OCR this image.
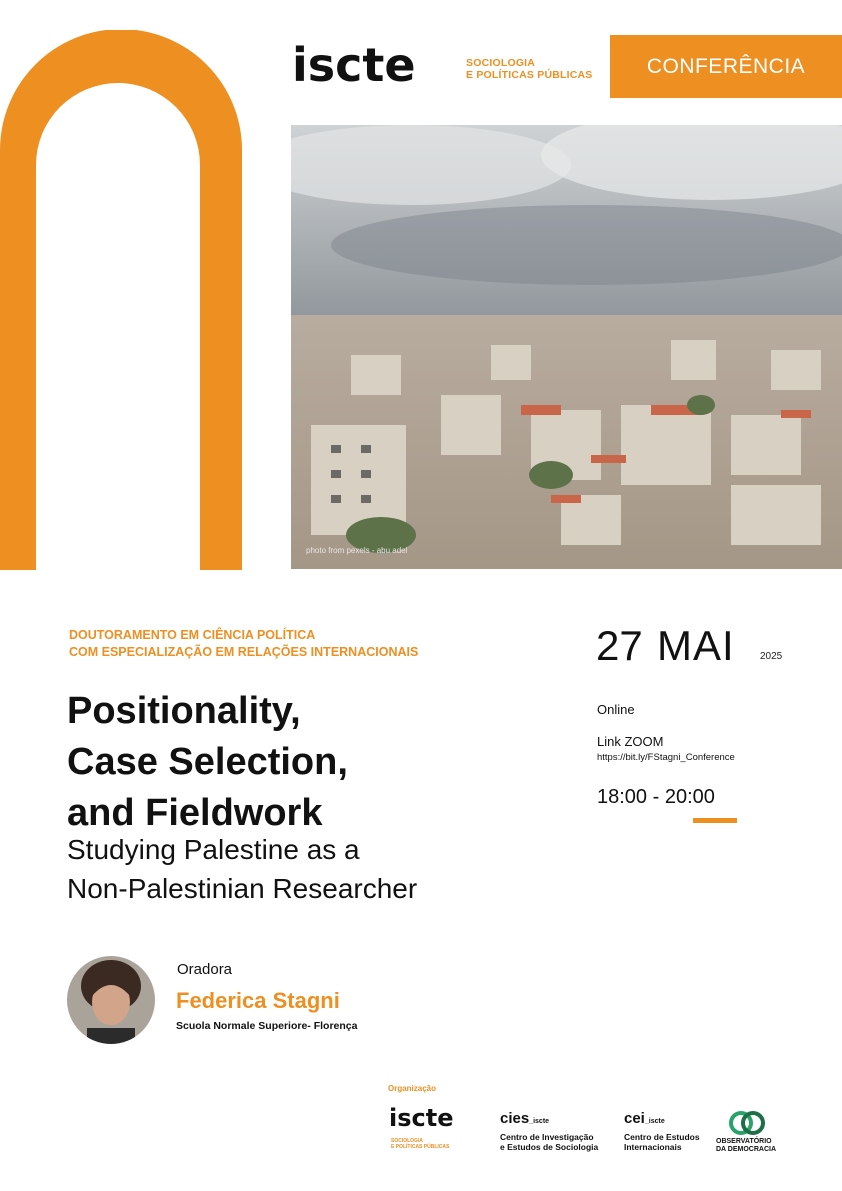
iscte	SOCIOLOGIA
E POLÍTICAS PÚBLICAS	CONFERÊNCIA
photo from pexels - abu adel
DOUTORAMENTO EM CIÊNCIA POLÍTICA
COM ESPECIALIZAÇÃO EM RELAÇÕES INTERNACIONAIS
Positionality,
Case Selection,
and Fieldwork
Studying Palestine as a
Non-Palestinian Researcher
27 MAI	2025
Online
Link ZOOM
https://bit.ly/FStagni_Conference
18:00 - 20:00
Oradora
Federica Stagni
Scuola Normale Superiore- Florença
Organização
iscte
SOCIOLOGIA
E POLÍTICAS PÚBLICAS
cies_iscte
Centro de Investigação
e Estudos de Sociologia
cei_iscte
Centro de Estudos
Internacionais
OBSERVATÓRIO
DA DEMOCRACIA
